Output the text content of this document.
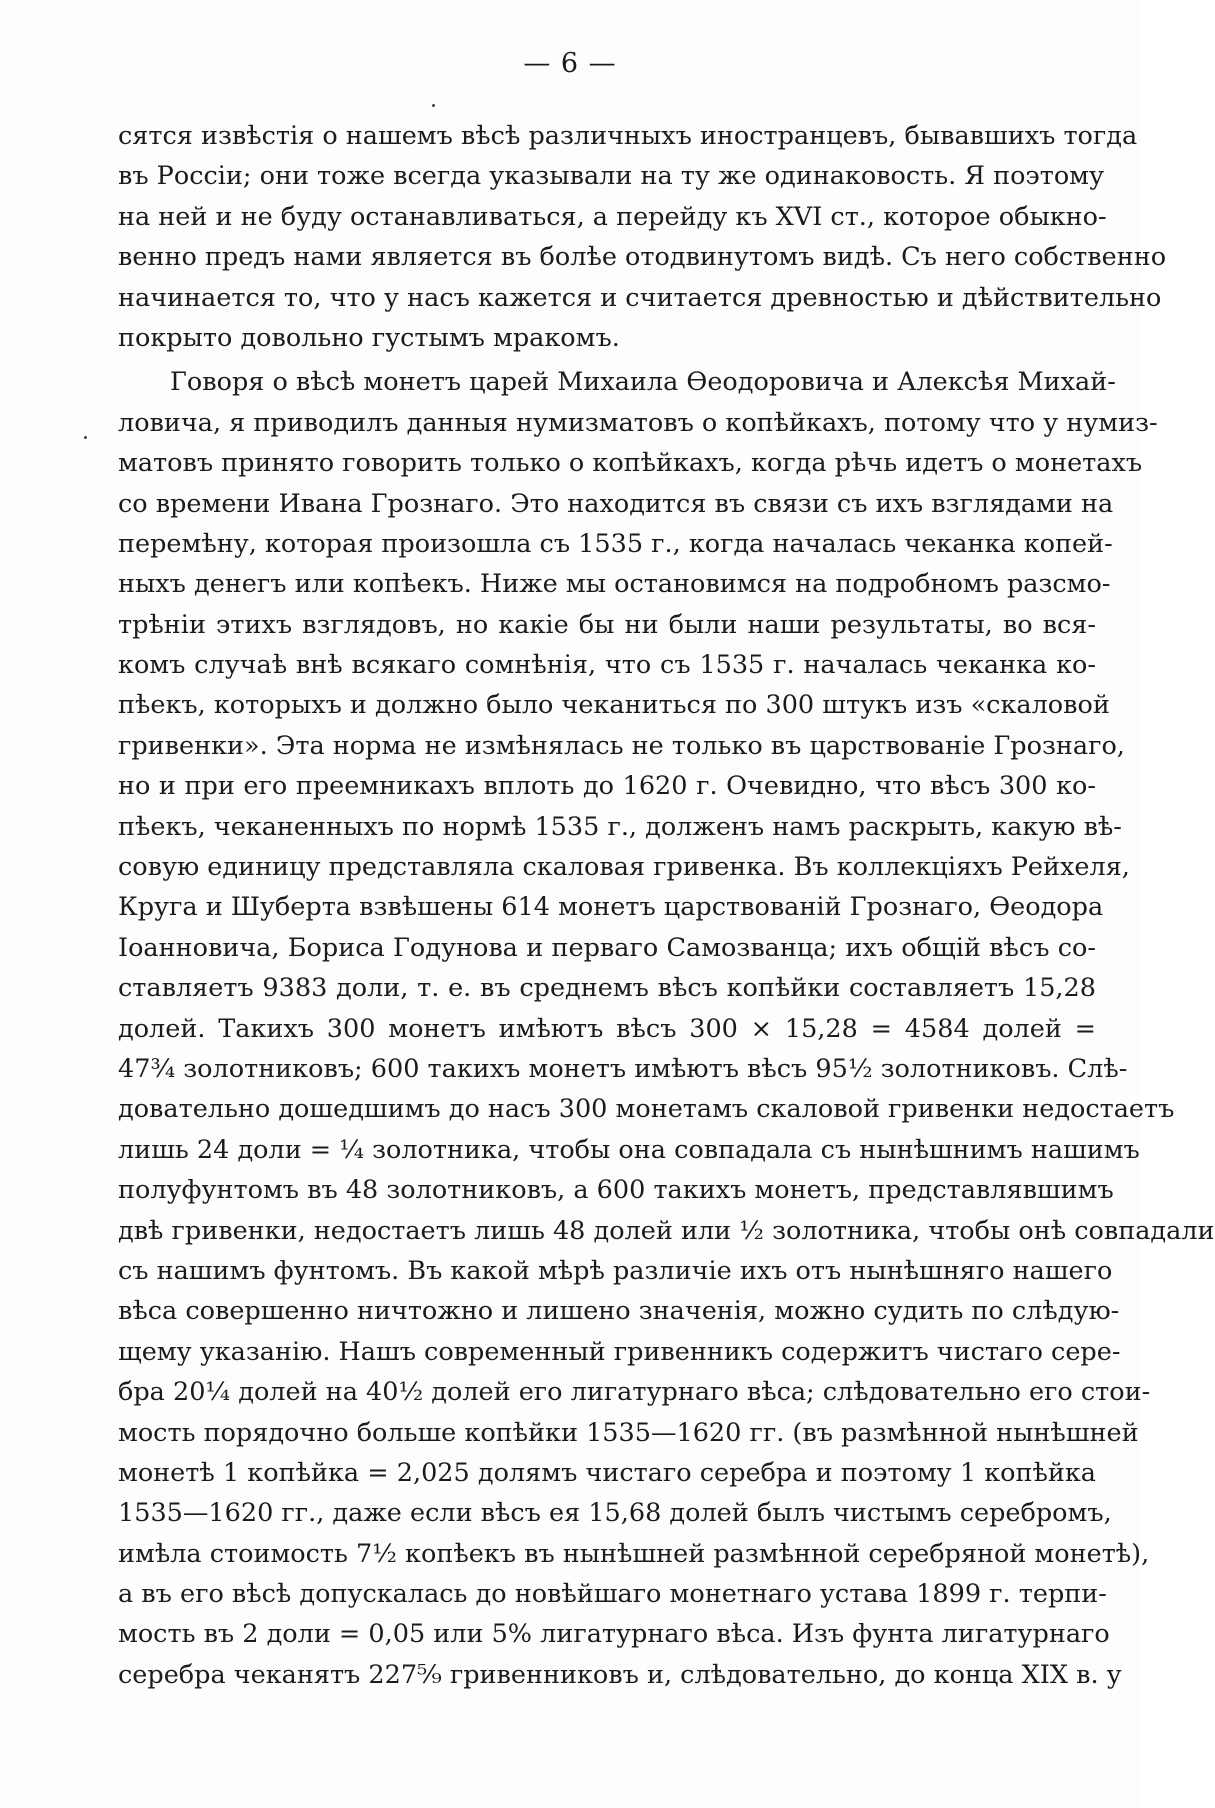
— 6 —
сятся извѣстія о нашемъ вѣсѣ различныхъ иностранцевъ, бывавшихъ тогда
въ Россіи; они тоже всегда указывали на ту же одинаковость. Я поэтому
на ней и не буду останавливаться, а перейду къ XVI ст., которое обыкно-
венно предъ нами является въ болѣе отодвинутомъ видѣ. Съ него собственно
начинается то, что у насъ кажется и считается древностью и дѣйствительно
покрыто довольно густымъ мракомъ.
Говоря о вѣсѣ монетъ царей Михаила Өеодоровича и Алексѣя Михай-
ловича, я приводилъ данныя нумизматовъ о копѣйкахъ, потому что у нумиз-
матовъ принято говорить только о копѣйкахъ, когда рѣчь идетъ о монетахъ
со времени Ивана Грознаго. Это находится въ связи съ ихъ взглядами на
перемѣну, которая произошла съ 1535 г., когда началась чеканка копей-
ныхъ денегъ или копѣекъ. Ниже мы остановимся на подробномъ разсмо-
трѣніи этихъ взглядовъ, но какіе бы ни были наши результаты, во вся-
комъ случаѣ внѣ всякаго сомнѣнія, что съ 1535 г. началась чеканка ко-
пѣекъ, которыхъ и должно было чеканиться по 300 штукъ изъ «скаловой
гривенки». Эта норма не измѣнялась не только въ царствованіе Грознаго,
но и при его преемникахъ вплоть до 1620 г. Очевидно, что вѣсъ 300 ко-
пѣекъ, чеканенныхъ по нормѣ 1535 г., долженъ намъ раскрыть, какую вѣ-
совую единицу представляла скаловая гривенка. Въ коллекціяхъ Рейхеля,
Круга и Шуберта взвѣшены 614 монетъ царствованій Грознаго, Өеодора
Іоанновича, Бориса Годунова и перваго Самозванца; ихъ общій вѣсъ со-
ставляетъ 9383 доли, т. е. въ среднемъ вѣсъ копѣйки составляетъ 15,28
долей. Такихъ 300 монетъ имѣютъ вѣсъ 300 × 15,28 = 4584 долей =
47¾ золотниковъ; 600 такихъ монетъ имѣютъ вѣсъ 95½ золотниковъ. Слѣ-
довательно дошедшимъ до насъ 300 монетамъ скаловой гривенки недостаетъ
лишь 24 доли = ¼ золотника, чтобы она совпадала съ нынѣшнимъ нашимъ
полуфунтомъ въ 48 золотниковъ, а 600 такихъ монетъ, представлявшимъ
двѣ гривенки, недостаетъ лишь 48 долей или ½ золотника, чтобы онѣ совпадали
съ нашимъ фунтомъ. Въ какой мѣрѣ различіе ихъ отъ нынѣшняго нашего
вѣса совершенно ничтожно и лишено значенія, можно судить по слѣдую-
щему указанію. Нашъ современный гривенникъ содержитъ чистаго сере-
бра 20¼ долей на 40½ долей его лигатурнаго вѣса; слѣдовательно его стои-
мость порядочно больше копѣйки 1535—1620 гг. (въ размѣнной нынѣшней
монетѣ 1 копѣйка = 2,025 долямъ чистаго серебра и поэтому 1 копѣйка
1535—1620 гг., даже если вѣсъ ея 15,68 долей былъ чистымъ серебромъ,
имѣла стоимость 7½ копѣекъ въ нынѣшней размѣнной серебряной монетѣ),
а въ его вѣсѣ допускалась до новѣйшаго монетнаго устава 1899 г. терпи-
мость въ 2 доли = 0,05 или 5% лигатурнаго вѣса. Изъ фунта лигатурнаго
серебра чеканятъ 227⁵⁄₉ гривенниковъ и, слѣдовательно, до конца XIX в. у
